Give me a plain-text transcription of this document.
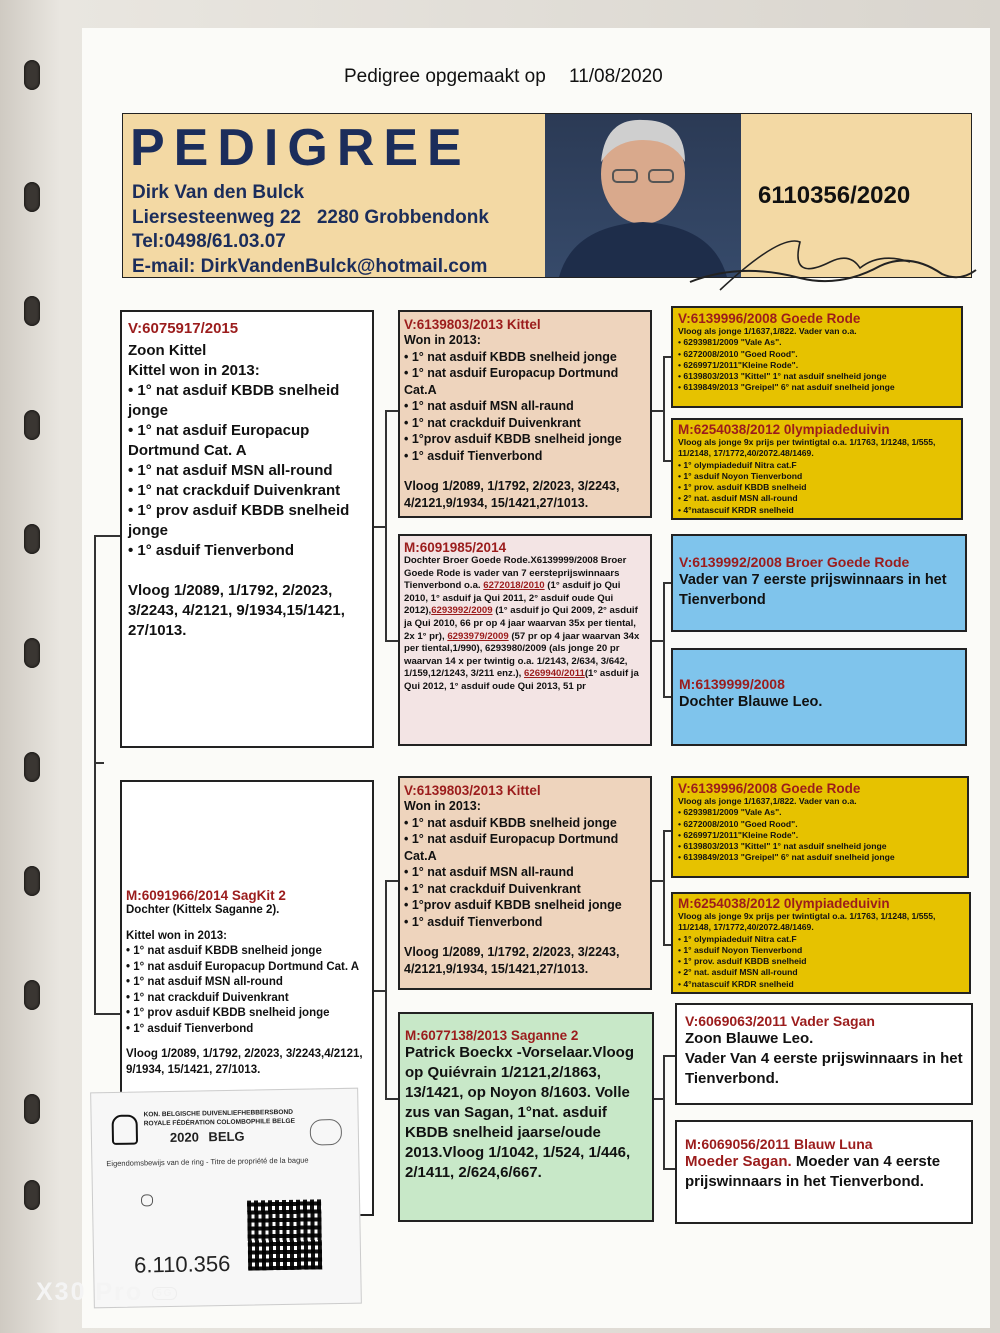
Pedigree opgemaakt op 11/08/2020
PEDIGREE
Dirk Van den Bulck
Liersesteenweg 22   2280 Grobbendonk
Tel:0498/61.03.07
E-mail: DirkVandenBulck@hotmail.com
6110356/2020
V:6075917/2015
Zoon Kittel
Kittel won in 2013:
• 1° nat asduif KBDB snelheid jonge
• 1° nat asduif Europacup Dortmund Cat. A
• 1° nat asduif MSN all-round
• 1° nat crackduif Duivenkrant
• 1° prov asduif KBDB snelheid jonge
• 1° asduif Tienverbond
Vloog 1/2089, 1/1792, 2/2023, 3/2243, 4/2121, 9/1934,15/1421, 27/1013.
V:6139803/2013 Kittel
Won in 2013:
• 1° nat asduif KBDB snelheid jonge
• 1° nat asduif Europacup Dortmund Cat.A
• 1° nat asduif MSN all-raund
• 1° nat crackduif Duivenkrant
• 1°prov asduif KBDB snelheid jonge
• 1° asduif Tienverbond
Vloog 1/2089, 1/1792, 2/2023, 3/2243, 4/2121,9/1934, 15/1421,27/1013.
V:6139996/2008 Goede Rode
Vloog als jonge 1/1637,1/822. Vader van o.a.
• 6293981/2009 "Vale As".
• 6272008/2010 "Goed Rood".
• 6269971/2011"Kleine Rode".
• 6139803/2013 "Kittel" 1° nat asduif snelheid jonge
• 6139849/2013 "Greipel" 6° nat asduif snelheid jonge
M:6254038/2012 0lympiadeduivin
Vloog als jonge 9x prijs per twintigtal o.a. 1/1763, 1/1248, 1/555, 11/2148, 17/1772,40/2072.48/1469.
• 1° olympiadeduif Nitra cat.F
• 1° asduif Noyon Tienverbond
• 1° prov. asduif KBDB snelheid
• 2° nat. asduif MSN all-round
• 4°natascuif KRDR snelheid
M:6091985/2014
Dochter Broer Goede Rode.X6139999/2008 Broer Goede Rode is vader van 7 eersteprijswinnaars Tienverbond o.a. 6272018/2010 (1° asduif jo Qui 2010, 1° asduif ja Qui 2011, 2° asduif oude Qui 2012),6293992/2009 (1° asduif jo Qui 2009, 2° asduif ja Qui 2010, 66 pr op 4 jaar waarvan 35x per tiental, 2x 1° pr), 6293979/2009 (57 pr op 4 jaar waarvan 34x per tiental,1/990), 6293980/2009 (als jonge 20 pr waarvan 14 x per twintig o.a. 1/2143, 2/634, 3/642, 1/159,12/1243, 3/211 enz.), 6269940/2011(1° asduif ja Qui 2012, 1° asduif oude Qui 2013, 51 pr
V:6139992/2008 Broer Goede Rode
Vader van 7 eerste prijswinnaars in het Tienverbond
M:6139999/2008
Dochter Blauwe Leo.
M:6091966/2014 SagKit 2
Dochter (Kittelx Saganne 2).
Kittel won in 2013:
• 1° nat asduif KBDB snelheid jonge
• 1° nat asduif Europacup Dortmund Cat. A
• 1° nat asduif MSN all-round
• 1° nat crackduif Duivenkrant
• 1° prov asduif KBDB snelheid jonge
• 1° asduif Tienverbond
Vloog 1/2089, 1/1792, 2/2023, 3/2243,4/2121, 9/1934, 15/1421, 27/1013.
V:6139803/2013 Kittel
Won in 2013:
• 1° nat asduif KBDB snelheid jonge
• 1° nat asduif Europacup Dortmund Cat.A
• 1° nat asduif MSN all-raund
• 1° nat crackduif Duivenkrant
• 1°prov asduif KBDB snelheid jonge
• 1° asduif Tienverbond
Vloog 1/2089, 1/1792, 2/2023, 3/2243, 4/2121,9/1934, 15/1421,27/1013.
V:6139996/2008 Goede Rode
Vloog als jonge 1/1637,1/822. Vader van o.a.
• 6293981/2009 "Vale As".
• 6272008/2010 "Goed Rood".
• 6269971/2011"Kleine Rode".
• 6139803/2013 "Kittel" 1° nat asduif snelheid jonge
• 6139849/2013 "Greipel" 6° nat asduif snelheid jonge
M:6254038/2012 0lympiadeduivin
Vloog als jonge 9x prijs per twintigtal o.a. 1/1763, 1/1248, 1/555, 11/2148, 17/1772,40/2072.48/1469.
• 1° olympiadeduif Nitra cat.F
• 1° asduif Noyon Tienverbond
• 1° prov. asduif KBDB snelheid
• 2° nat. asduif MSN all-round
• 4°natascuif KRDR snelheid
M:6077138/2013 Saganne 2
Patrick Boeckx -Vorselaar.Vloog op Quiévrain 1/2121,2/1863, 13/1421, op Noyon 8/1603. Volle zus van Sagan, 1°nat. asduif KBDB snelheid jaarse/oude 2013.Vloog 1/1042, 1/524, 1/446, 2/1411, 2/624,6/667.
V:6069063/2011 Vader Sagan
Zoon Blauwe Leo.
Vader Van 4 eerste prijswinnaars in het Tienverbond.
M:6069056/2011 Blauw Luna
Moeder Sagan. Moeder van 4 eerste prijswinnaars in het Tienverbond.
KON. BELGISCHE DUIVENLIEFHEBBERSBOND
ROYALE FÉDÉRATION COLOMBOPHILE BELGE
2020 BELG
Eigendomsbewijs van de ring - Titre de propriété de la bague
6.110.356
X30 Pro 5G
